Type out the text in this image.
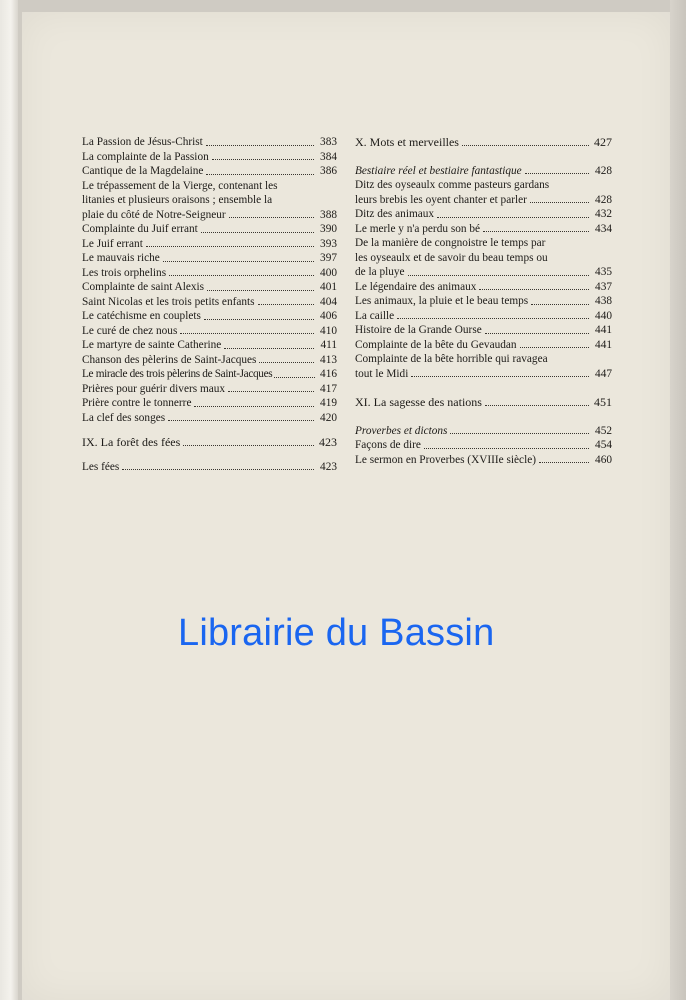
La Passion de Jésus-Christ	383
La complainte de la Passion	384
Cantique de la Magdelaine	386
Le trépassement de la Vierge, contenant les
litanies et plusieurs oraisons ; ensemble la
plaie du côté de Notre-Seigneur	388
Complainte du Juif errant	390
Le Juif errant	393
Le mauvais riche	397
Les trois orphelins	400
Complainte de saint Alexis	401
Saint Nicolas et les trois petits enfants	404
Le catéchisme en couplets	406
Le curé de chez nous	410
Le martyre de sainte Catherine	411
Chanson des pèlerins de Saint-Jacques	413
Le miracle des trois pèlerins de Saint-Jacques	416
Prières pour guérir divers maux	417
Prière contre le tonnerre	419
La clef des songes	420
IX. La forêt des fées	423
Les fées	423
X. Mots et merveilles	427
Bestiaire réel et bestiaire fantastique	428
Ditz des oyseaulx comme pasteurs gardans
leurs brebis les oyent chanter et parler	428
Ditz des animaux	432
Le merle y n'a perdu son bé	434
De la manière de congnoistre le temps par
les oyseaulx et de savoir du beau temps ou
de la pluye	435
Le légendaire des animaux	437
Les animaux, la pluie et le beau temps	438
La caille	440
Histoire de la Grande Ourse	441
Complainte de la bête du Gevaudan	441
Complainte de la bête horrible qui ravagea
tout le Midi	447
XI. La sagesse des nations	451
Proverbes et dictons	452
Façons de dire	454
Le sermon en Proverbes (XVIIIe siècle)	460
Librairie du Bassin
